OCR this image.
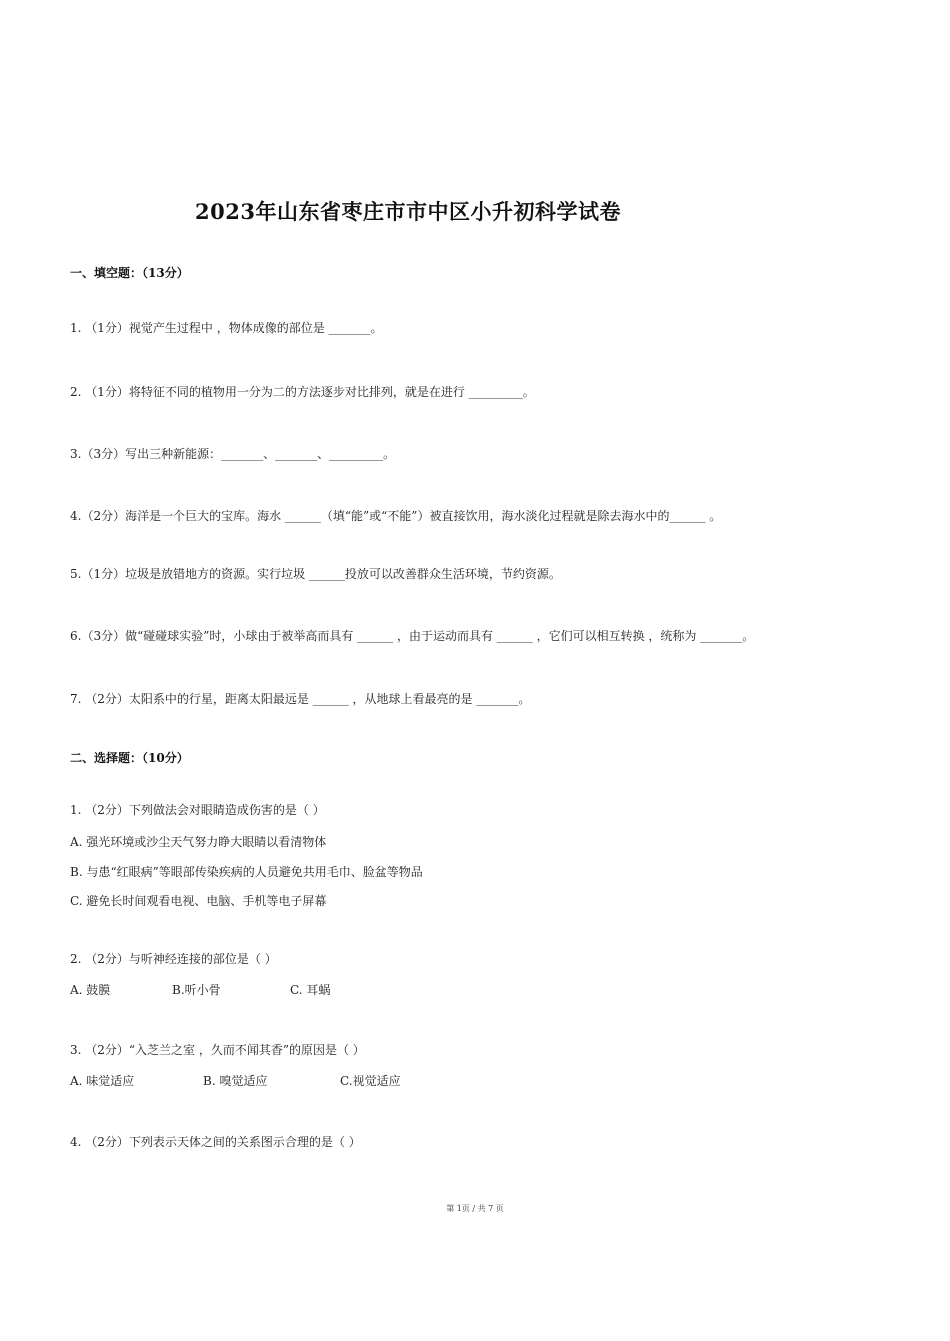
2023年山东省枣庄市市中区小升初科学试卷
一、填空题：（13分）
1. （1分）视觉产生过程中 ，物体成像的部位是 _______。
2. （1分）将特征不同的植物用一分为二的方法逐步对比排列，就是在进行 _________。
3.（3分）写出三种新能源：_______、_______、_________。
4.（2分）海洋是一个巨大的宝库。海水 ______（填“能”或“不能”）被直接饮用，海水淡化过程就是除去海水中的______ 。
5.（1分）垃圾是放错地方的资源。实行垃圾 ______投放可以改善群众生活环境，节约资源。
6.（3分）做“碰碰球实验”时，小球由于被举高而具有 ______ ，由于运动而具有 ______ ，它们可以相互转换 ，统称为 _______。
7. （2分）太阳系中的行星，距离太阳最远是 ______ ，从地球上看最亮的是 _______。
二、选择题：（10分）
1. （2分）下列做法会对眼睛造成伤害的是（ ）
A. 强光环境或沙尘天气努力睁大眼睛以看清物体
B. 与患“红眼病”等眼部传染疾病的人员避免共用毛巾、脸盆等物品
C. 避免长时间观看电视、电脑、手机等电子屏幕
2. （2分）与听神经连接的部位是（ ）
A. 鼓膜	B.听小骨	C. 耳蜗
3. （2分）“入芝兰之室 ，久而不闻其香”的原因是（ ）
A. 味觉适应	B. 嗅觉适应	C.视觉适应
4. （2分）下列表示天体之间的关系图示合理的是（ ）
第 1页 / 共 7 页
